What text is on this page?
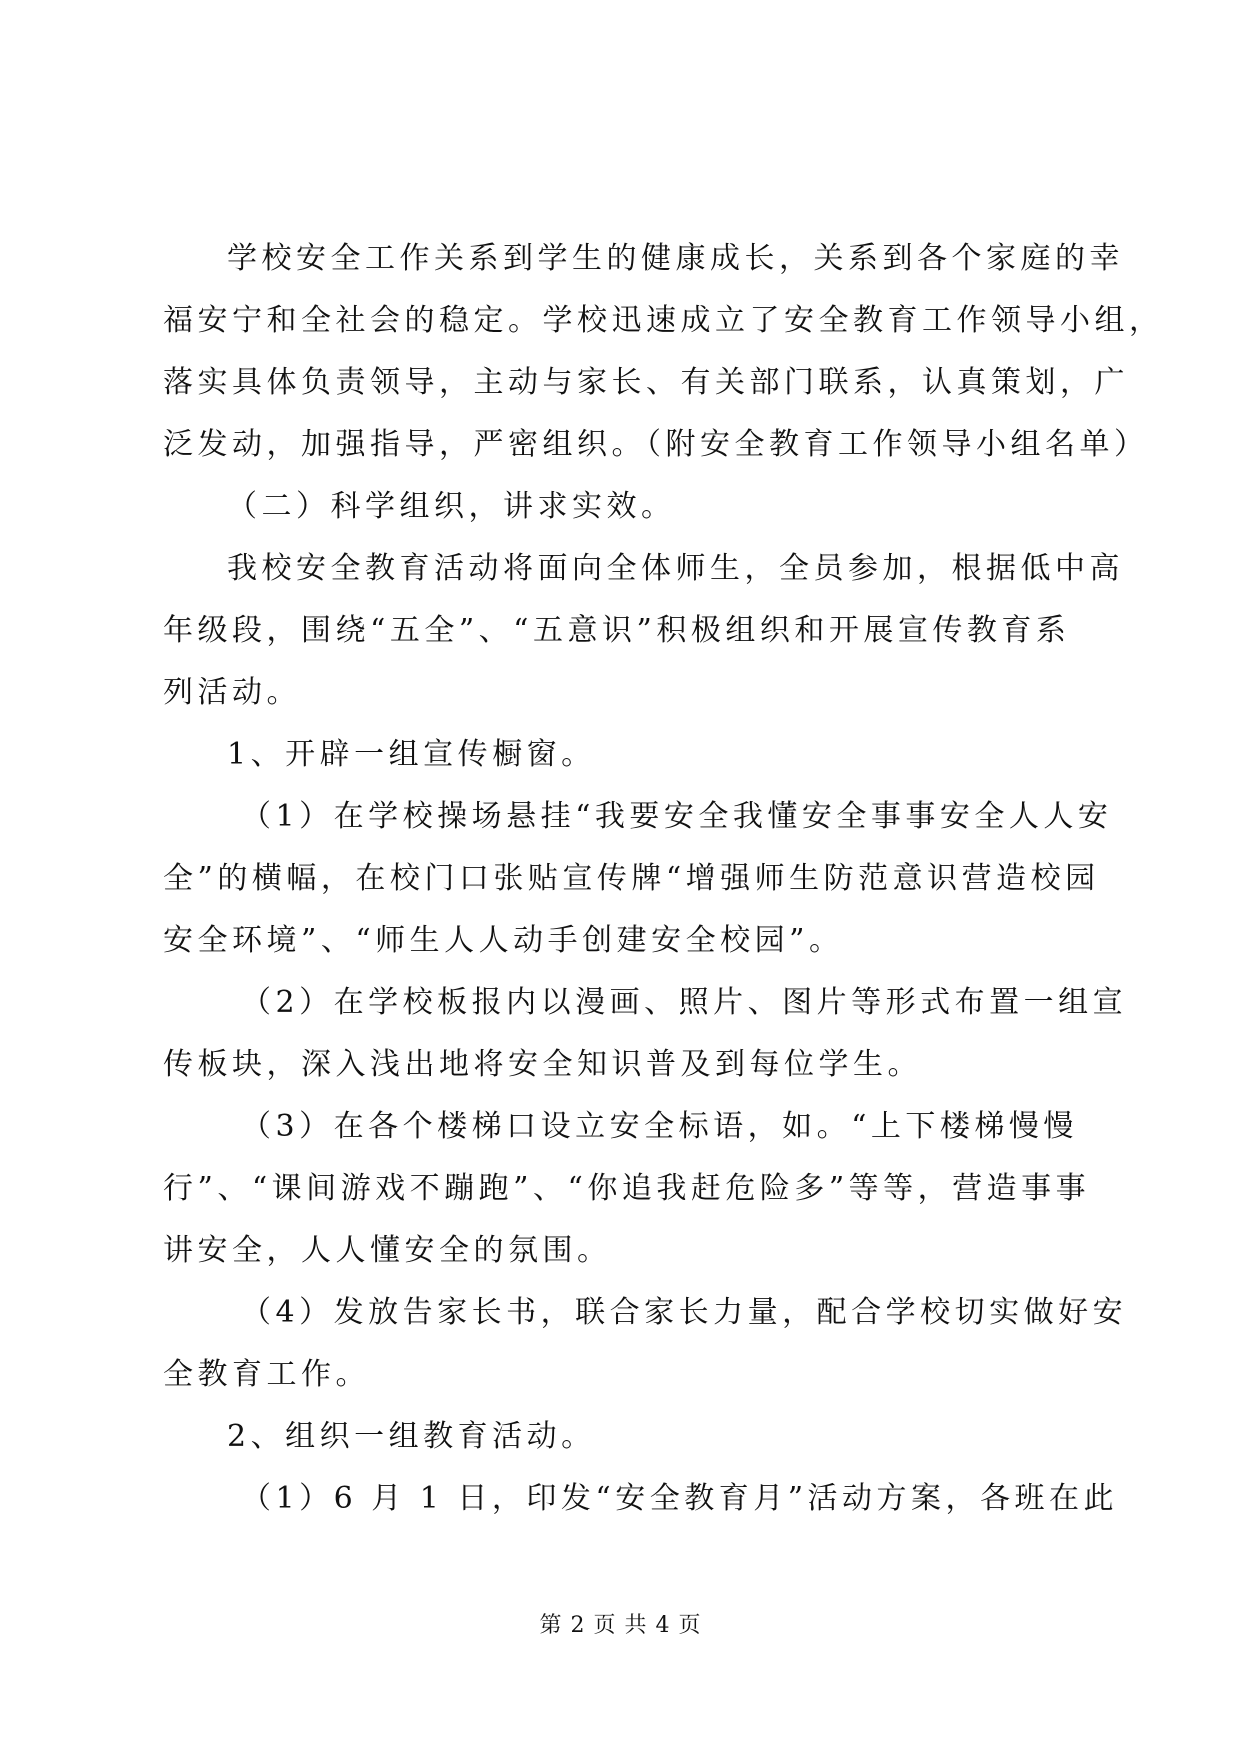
学校安全工作关系到学生的健康成长，关系到各个家庭的幸

福安宁和全社会的稳定。学校迅速成立了安全教育工作领导小组，

落实具体负责领导，主动与家长、有关部门联系，认真策划，广

泛发动，加强指导，严密组织。（附安全教育工作领导小组名单）

（二）科学组织，讲求实效。

我校安全教育活动将面向全体师生，全员参加，根据低中高

年级段，围绕“五全”、“五意识”积极组织和开展宣传教育系

列活动。

1、开辟一组宣传橱窗。

（1）在学校操场悬挂“我要安全我懂安全事事安全人人安

全”的横幅，在校门口张贴宣传牌“增强师生防范意识营造校园

安全环境”、“师生人人动手创建安全校园”。

（2）在学校板报内以漫画、照片、图片等形式布置一组宣

传板块，深入浅出地将安全知识普及到每位学生。

（3）在各个楼梯口设立安全标语，如。“上下楼梯慢慢

行”、“课间游戏不蹦跑”、“你追我赶危险多”等等，营造事事

讲安全，人人懂安全的氛围。

（4）发放告家长书，联合家长力量，配合学校切实做好安

全教育工作。

2、组织一组教育活动。

（1）6 月 1 日，印发“安全教育月”活动方案，各班在此

第 2 页 共 4 页
